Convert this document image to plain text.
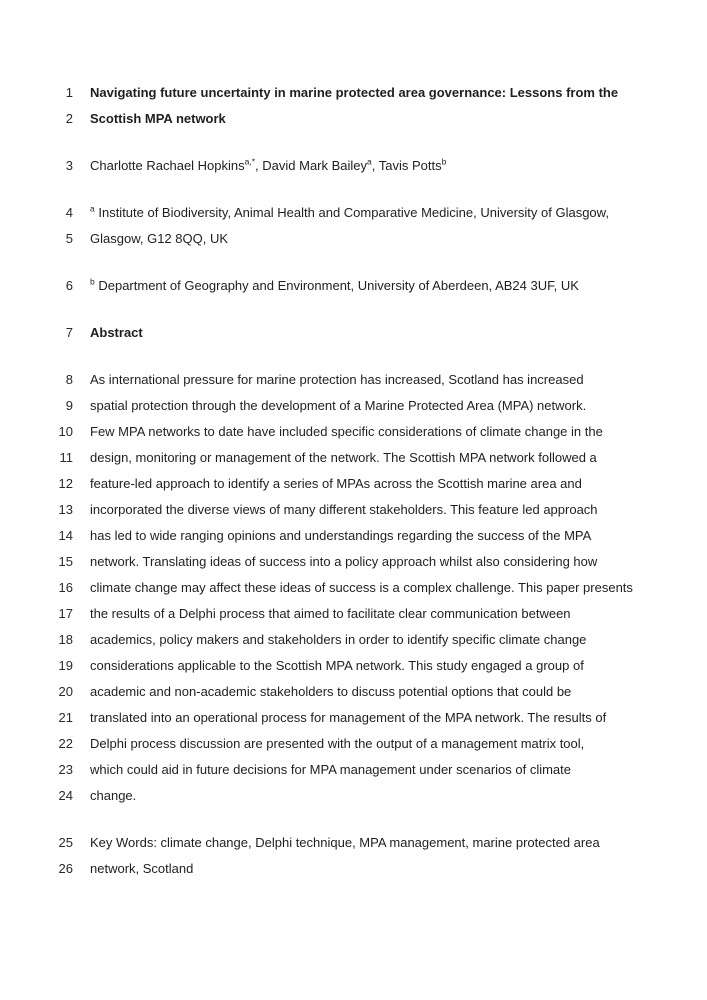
1 Navigating future uncertainty in marine protected area governance: Lessons from the
2 Scottish MPA network
3 Charlotte Rachael Hopkins$^{a,*}$, David Mark Bailey$^a$, Tavis Potts$^b$
4 $^a$ Institute of Biodiversity, Animal Health and Comparative Medicine, University of Glasgow,
5 Glasgow, G12 8QQ, UK
6 $^b$ Department of Geography and Environment, University of Aberdeen, AB24 3UF, UK
7 Abstract
8 As international pressure for marine protection has increased, Scotland has increased
9 spatial protection through the development of a Marine Protected Area (MPA) network.
10 Few MPA networks to date have included specific considerations of climate change in the
11 design, monitoring or management of the network. The Scottish MPA network followed a
12 feature-led approach to identify a series of MPAs across the Scottish marine area and
13 incorporated the diverse views of many different stakeholders. This feature led approach
14 has led to wide ranging opinions and understandings regarding the success of the MPA
15 network. Translating ideas of success into a policy approach whilst also considering how
16 climate change may affect these ideas of success is a complex challenge. This paper presents
17 the results of a Delphi process that aimed to facilitate clear communication between
18 academics, policy makers and stakeholders in order to identify specific climate change
19 considerations applicable to the Scottish MPA network. This study engaged a group of
20 academic and non-academic stakeholders to discuss potential options that could be
21 translated into an operational process for management of the MPA network. The results of
22 Delphi process discussion are presented with the output of a management matrix tool,
23 which could aid in future decisions for MPA management under scenarios of climate
24 change.
25 Key Words: climate change, Delphi technique, MPA management, marine protected area
26 network, Scotland
